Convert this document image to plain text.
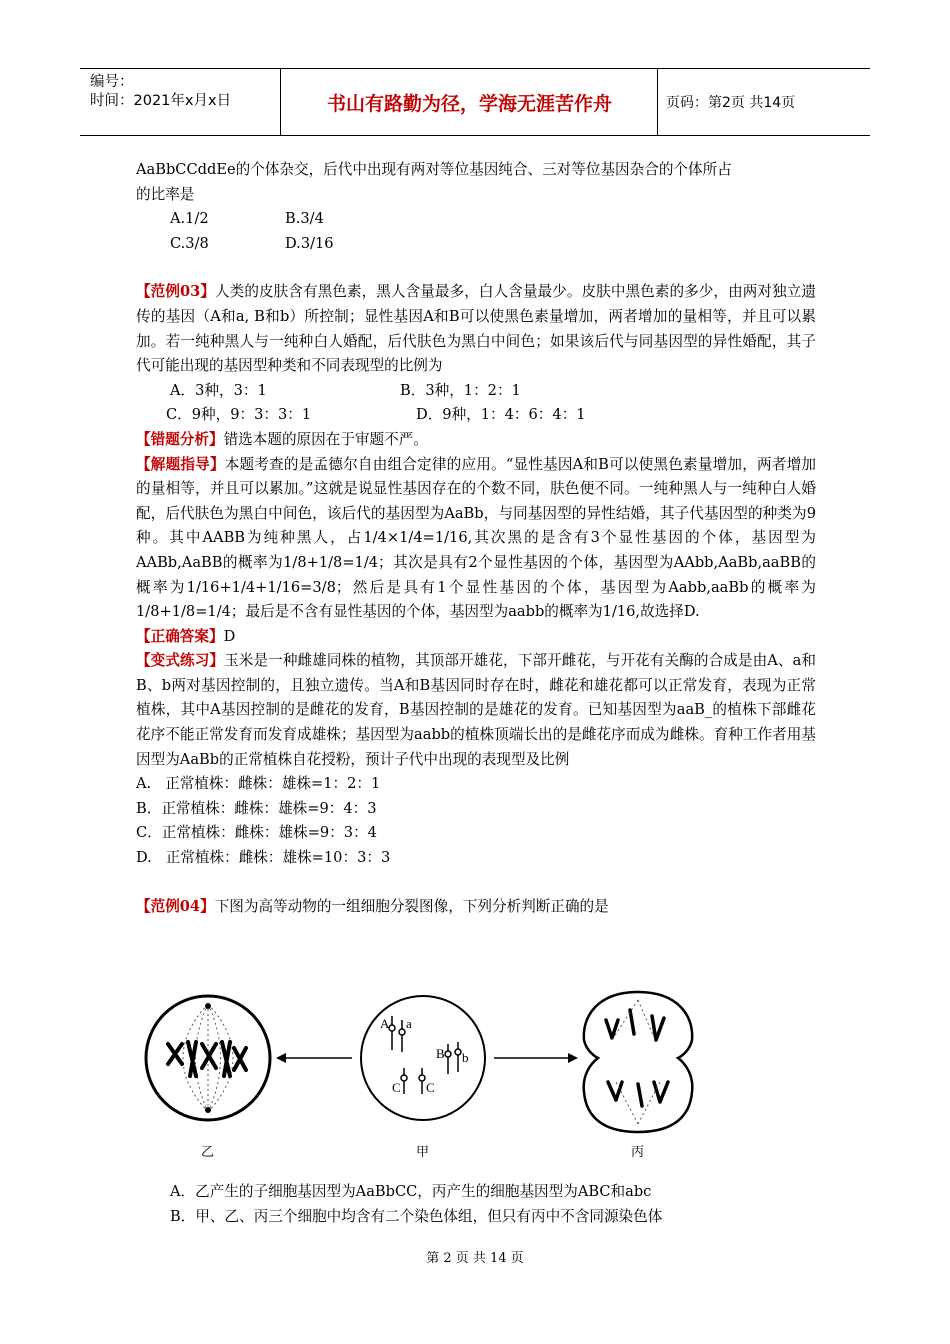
编号：
时间：2021年x月x日	书山有路勤为径，学海无涯苦作舟	页码：第2页 共14页

AaBbCCddEe的个体杂交，后代中出现有两对等位基因纯合、三对等位基因杂合的个体所占

的比率是

A.1/2	B.3/4
C.3/8	D.3/16

【范例03】人类的皮肤含有黑色素，黑人含量最多，白人含量最少。皮肤中黑色素的多少，由两对独立遗传的基因（A和a, B和b）所控制；显性基因A和B可以使黑色素量增加，两者增加的量相等，并且可以累加。若一纯种黑人与一纯种白人婚配，后代肤色为黑白中间色；如果该后代与同基因型的异性婚配，其子代可能出现的基因型种类和不同表现型的比例为

A．3种，3：1	B．3种，1：2：1
C．9种，9：3：3：1	D．9种，1：4：6：4：1

【错题分析】错选本题的原因在于审题不严。

【解题指导】本题考查的是孟德尔自由组合定律的应用。“显性基因A和B可以使黑色素量增加，两者增加的量相等，并且可以累加。”这就是说显性基因存在的个数不同，肤色便不同。一纯种黑人与一纯种白人婚配，后代肤色为黑白中间色，该后代的基因型为AaBb，与同基因型的异性结婚，其子代基因型的种类为9种。其中AABB为纯种黑人，占1/4×1/4=1/16,其次黑的是含有3个显性基因的个体，基因型为AABb,AaBB的概率为1/8+1/8=1/4；其次是具有2个显性基因的个体，基因型为AAbb,AaBb,aaBB的概率为1/16+1/4+1/16=3/8；然后是具有1个显性基因的个体，基因型为Aabb,aaBb的概率为1/8+1/8=1/4；最后是不含有显性基因的个体，基因型为aabb的概率为1/16,故选择D.

【正确答案】D

【变式练习】玉米是一种雌雄同株的植物，其顶部开雄花，下部开雌花，与开花有关酶的合成是由A、a和B、b两对基因控制的，且独立遗传。当A和B基因同时存在时，雌花和雄花都可以正常发育，表现为正常植株，其中A基因控制的是雌花的发育，B基因控制的是雄花的发育。已知基因型为aaB_的植株下部雌花花序不能正常发育而发育成雄株；基因型为aabb的植株顶端长出的是雌花序而成为雌株。育种工作者用基因型为AaBb的正常植株自花授粉，预计子代中出现的表现型及比例

A.   正常植株：雌株：雄株=1：2：1

B．正常植株：雌株：雄株=9：4：3

C．正常植株：雌株：雄株=9：3：4

D.   正常植株：雌株：雄株=10：3：3

【范例04】下图为高等动物的一组细胞分裂图像，下列分析判断正确的是

A a
B b
C C
乙	甲	丙

A．乙产生的子细胞基因型为AaBbCC，丙产生的细胞基因型为ABC和abc

B．甲、乙、丙三个细胞中均含有二个染色体组，但只有丙中不含同源染色体

第 2 页 共 14 页
